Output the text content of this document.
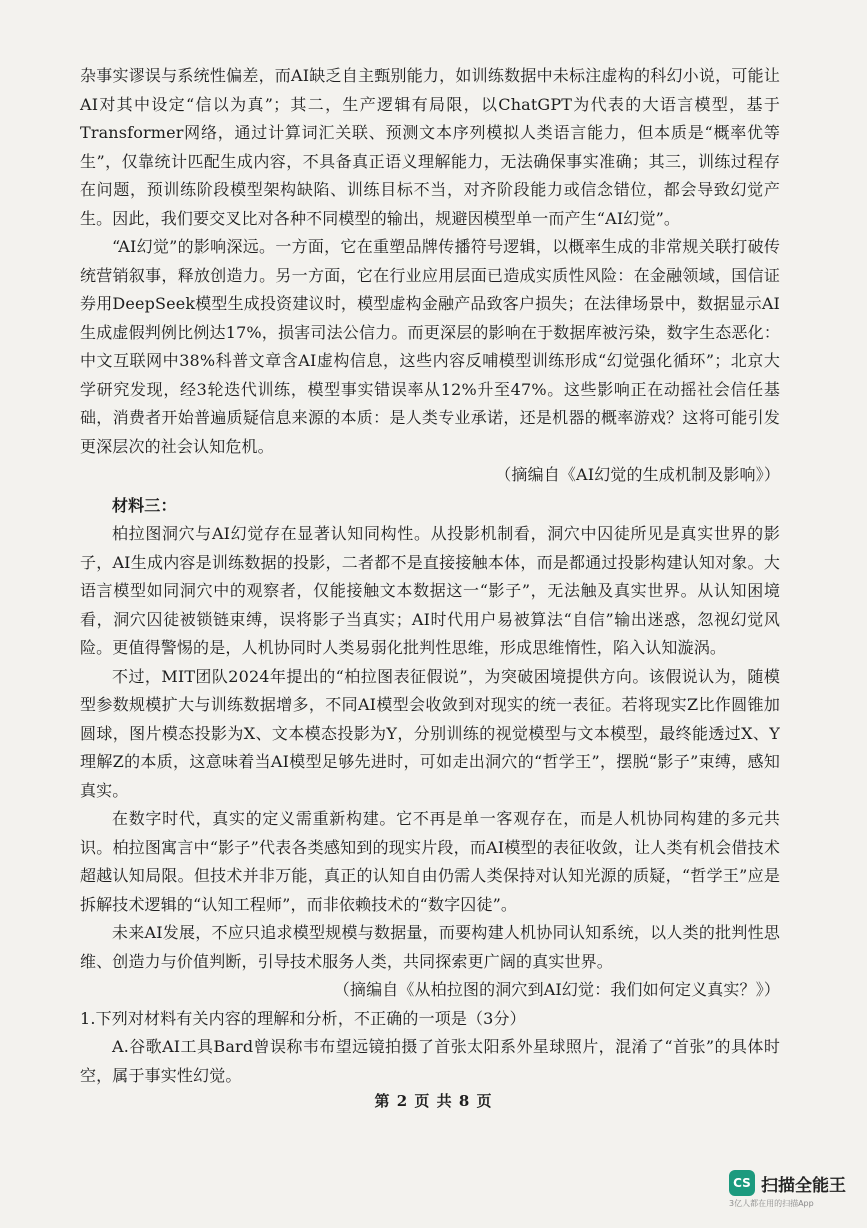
杂事实谬误与系统性偏差，而AI缺乏自主甄别能力，如训练数据中未标注虚构的科幻小说，可能让AI对其中设定“信以为真”；其二，生产逻辑有局限，以ChatGPT为代表的大语言模型，基于Transformer网络，通过计算词汇关联、预测文本序列模拟人类语言能力，但本质是“概率优等生”，仅靠统计匹配生成内容，不具备真正语义理解能力，无法确保事实准确；其三，训练过程存在问题，预训练阶段模型架构缺陷、训练目标不当，对齐阶段能力或信念错位，都会导致幻觉产生。因此，我们要交叉比对各种不同模型的输出，规避因模型单一而产生“AI幻觉”。

“AI幻觉”的影响深远。一方面，它在重塑品牌传播符号逻辑，以概率生成的非常规关联打破传统营销叙事，释放创造力。另一方面，它在行业应用层面已造成实质性风险：在金融领域，国信证券用DeepSeek模型生成投资建议时，模型虚构金融产品致客户损失；在法律场景中，数据显示AI生成虚假判例比例达17%，损害司法公信力。而更深层的影响在于数据库被污染，数字生态恶化：中文互联网中38%科普文章含AI虚构信息，这些内容反哺模型训练形成“幻觉强化循环”；北京大学研究发现，经3轮迭代训练，模型事实错误率从12%升至47%。这些影响正在动摇社会信任基础，消费者开始普遍质疑信息来源的本质：是人类专业承诺，还是机器的概率游戏？这将可能引发更深层次的社会认知危机。

（摘编自《AI幻觉的生成机制及影响》）

材料三：

柏拉图洞穴与AI幻觉存在显著认知同构性。从投影机制看，洞穴中囚徒所见是真实世界的影子，AI生成内容是训练数据的投影，二者都不是直接接触本体，而是都通过投影构建认知对象。大语言模型如同洞穴中的观察者，仅能接触文本数据这一“影子”，无法触及真实世界。从认知困境看，洞穴囚徒被锁链束缚，误将影子当真实；AI时代用户易被算法“自信”输出迷惑，忽视幻觉风险。更值得警惕的是，人机协同时人类易弱化批判性思维，形成思维惰性，陷入认知漩涡。

不过，MIT团队2024年提出的“柏拉图表征假说”，为突破困境提供方向。该假说认为，随模型参数规模扩大与训练数据增多，不同AI模型会收敛到对现实的统一表征。若将现实Z比作圆锥加圆球，图片模态投影为X、文本模态投影为Y，分别训练的视觉模型与文本模型，最终能透过X、Y理解Z的本质，这意味着当AI模型足够先进时，可如走出洞穴的“哲学王”，摆脱“影子”束缚，感知真实。

在数字时代，真实的定义需重新构建。它不再是单一客观存在，而是人机协同构建的多元共识。柏拉图寓言中“影子”代表各类感知到的现实片段，而AI模型的表征收敛，让人类有机会借技术超越认知局限。但技术并非万能，真正的认知自由仍需人类保持对认知光源的质疑，“哲学王”应是拆解技术逻辑的“认知工程师”，而非依赖技术的“数字囚徒”。

未来AI发展，不应只追求模型规模与数据量，而要构建人机协同认知系统，以人类的批判性思维、创造力与价值判断，引导技术服务人类，共同探索更广阔的真实世界。

（摘编自《从柏拉图的洞穴到AI幻觉：我们如何定义真实？》）

1.下列对材料有关内容的理解和分析，不正确的一项是（3分）

A.谷歌AI工具Bard曾误称韦布望远镜拍摄了首张太阳系外星球照片，混淆了“首张”的具体时空，属于事实性幻觉。

第 2 页 共 8 页
CS 扫描全能王
3亿人都在用的扫描App
